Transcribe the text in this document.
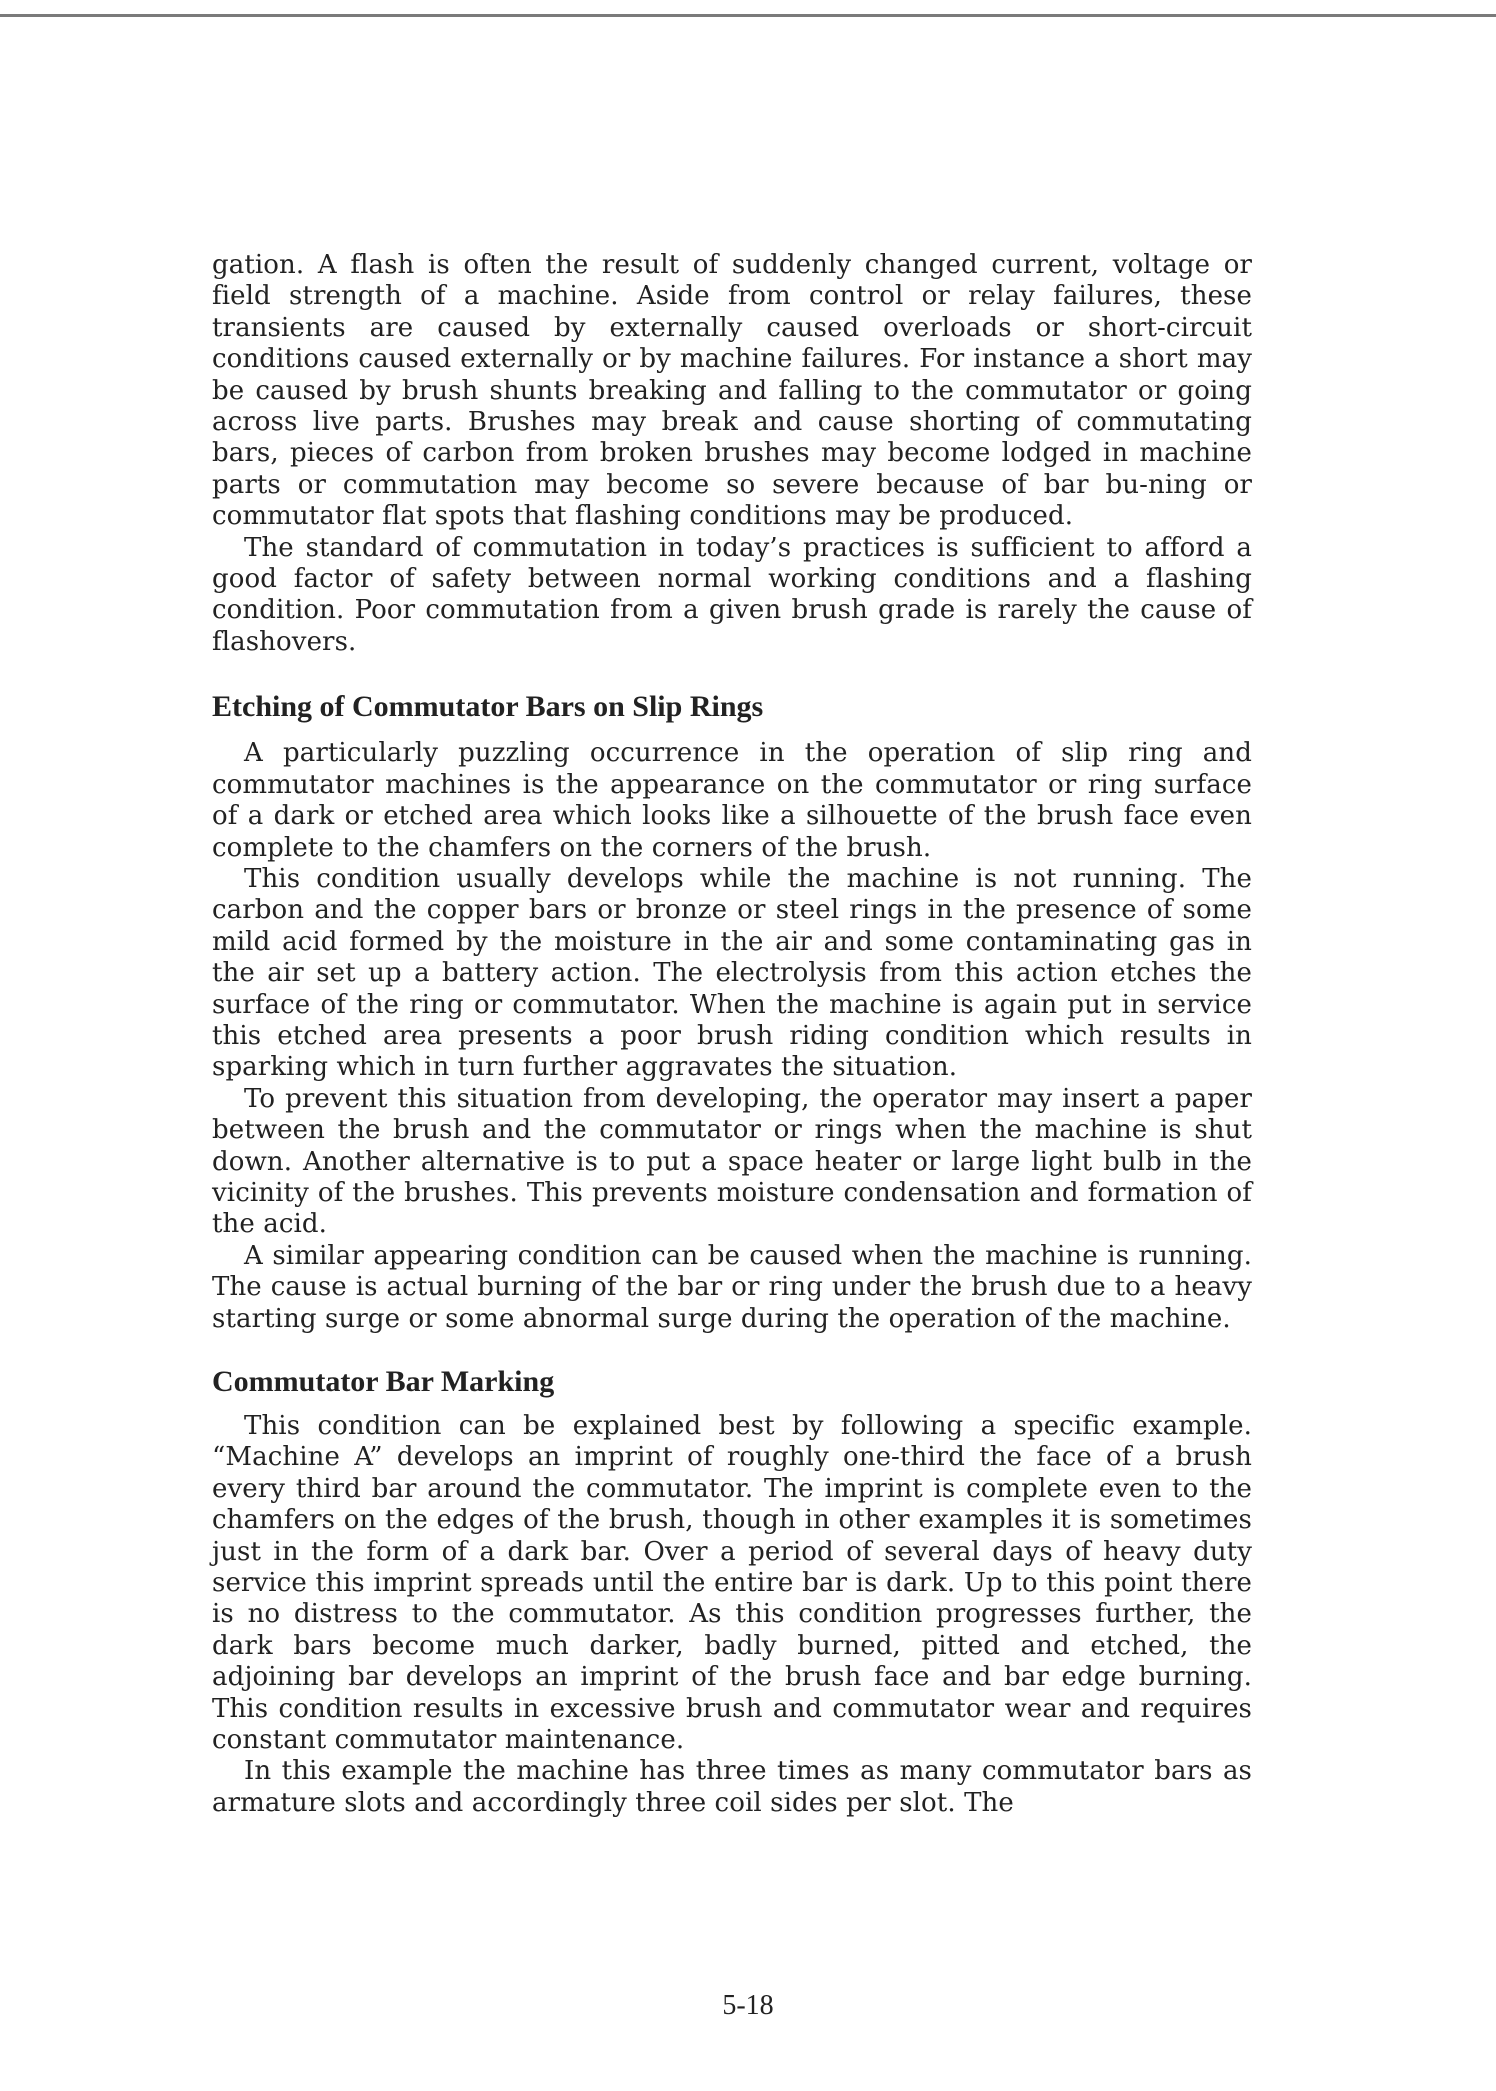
gation. A flash is often the result of suddenly changed current, voltage or field strength of a machine. Aside from control or relay failures, these transients are caused by externally caused overloads or short-circuit conditions caused externally or by machine failures. For instance a short may be caused by brush shunts breaking and falling to the commutator or going across live parts. Brushes may break and cause shorting of commutating bars, pieces of carbon from broken brushes may become lodged in machine parts or commutation may become so severe because of bar bu-ning or commutator flat spots that flashing conditions may be produced.

The standard of commutation in today’s practices is sufficient to afford a good factor of safety between normal working conditions and a flashing condition. Poor commutation from a given brush grade is rarely the cause of flashovers.

Etching of Commutator Bars on Slip Rings

A particularly puzzling occurrence in the operation of slip ring and commutator machines is the appearance on the commutator or ring surface of a dark or etched area which looks like a silhouette of the brush face even complete to the chamfers on the corners of the brush.

This condition usually develops while the machine is not running. The carbon and the copper bars or bronze or steel rings in the presence of some mild acid formed by the moisture in the air and some contaminating gas in the air set up a battery action. The electrolysis from this action etches the surface of the ring or commutator. When the machine is again put in service this etched area presents a poor brush riding condition which results in sparking which in turn further aggravates the situation.

To prevent this situation from developing, the operator may insert a paper between the brush and the commutator or rings when the machine is shut down. Another alternative is to put a space heater or large light bulb in the vicinity of the brushes. This prevents moisture condensation and formation of the acid.

A similar appearing condition can be caused when the machine is running. The cause is actual burning of the bar or ring under the brush due to a heavy starting surge or some abnormal surge during the operation of the machine.

Commutator Bar Marking

This condition can be explained best by following a specific example. “Machine A” develops an imprint of roughly one-third the face of a brush every third bar around the commutator. The imprint is complete even to the chamfers on the edges of the brush, though in other examples it is sometimes just in the form of a dark bar. Over a period of several days of heavy duty service this imprint spreads until the entire bar is dark. Up to this point there is no distress to the commutator. As this condition progresses further, the dark bars become much darker, badly burned, pitted and etched, the adjoining bar develops an imprint of the brush face and bar edge burning. This condition results in excessive brush and commutator wear and requires constant commutator maintenance.

In this example the machine has three times as many commutator bars as armature slots and accordingly three coil sides per slot. The

5-18
